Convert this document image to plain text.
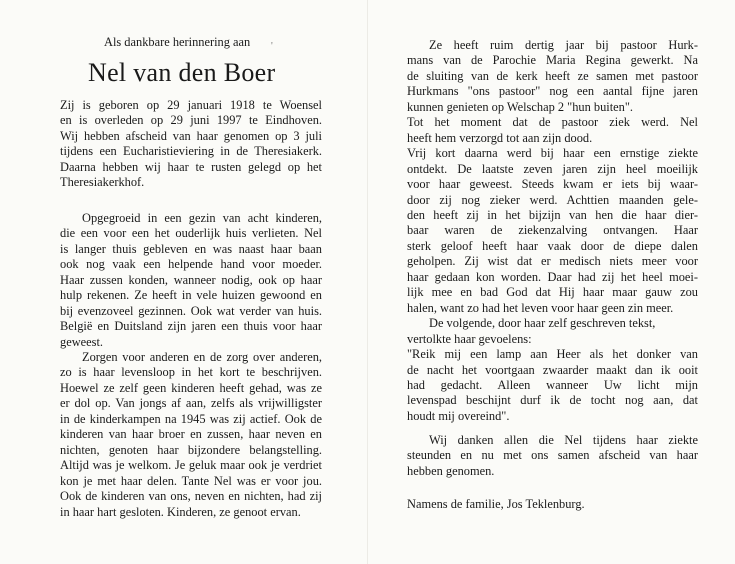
Als dankbare herinnering aan '
Nel van den Boer

Zij is geboren op 29 januari 1918 te Woensel
en is overleden op 29 juni 1997 te Eindhoven.
Wij hebben afscheid van haar genomen op 3 juli
tijdens een Eucharistieviering in de Theresiakerk.
Daarna hebben wij haar te rusten gelegd op het
Theresiakerkhof.

Opgegroeid in een gezin van acht kinderen,
die een voor een het ouderlijk huis verlieten. Nel
is langer thuis gebleven en was naast haar baan
ook nog vaak een helpende hand voor moeder.
Haar zussen konden, wanneer nodig, ook op haar
hulp rekenen. Ze heeft in vele huizen gewoond en
bij evenzoveel gezinnen. Ook wat verder van huis.
België en Duitsland zijn jaren een thuis voor haar
geweest.

Zorgen voor anderen en de zorg over anderen,
zo is haar levensloop in het kort te beschrijven.
Hoewel ze zelf geen kinderen heeft gehad, was ze
er dol op. Van jongs af aan, zelfs als vrijwilligster
in de kinderkampen na 1945 was zij actief. Ook de
kinderen van haar broer en zussen, haar neven en
nichten, genoten haar bijzondere belangstelling.
Altijd was je welkom. Je geluk maar ook je verdriet
kon je met haar delen. Tante Nel was er voor jou.
Ook de kinderen van ons, neven en nichten, had zij
in haar hart gesloten. Kinderen, ze genoot ervan.

Ze heeft ruim dertig jaar bij pastoor Hurk-
mans van de Parochie Maria Regina gewerkt. Na
de sluiting van de kerk heeft ze samen met pastoor
Hurkmans "ons pastoor" nog een aantal fijne jaren
kunnen genieten op Welschap 2 "hun buiten".
Tot het moment dat de pastoor ziek werd. Nel
heeft hem verzorgd tot aan zijn dood.
Vrij kort daarna werd bij haar een ernstige ziekte
ontdekt. De laatste zeven jaren zijn heel moeilijk
voor haar geweest. Steeds kwam er iets bij waar-
door zij nog zieker werd. Achttien maanden gele-
den heeft zij in het bijzijn van hen die haar dier-
baar waren de ziekenzalving ontvangen. Haar
sterk geloof heeft haar vaak door de diepe dalen
geholpen. Zij wist dat er medisch niets meer voor
haar gedaan kon worden. Daar had zij het heel moei-
lijk mee en bad God dat Hij haar maar gauw zou
halen, want zo had het leven voor haar geen zin meer.
De volgende, door haar zelf geschreven tekst,
vertolkte haar gevoelens:
"Reik mij een lamp aan Heer als het donker van
de nacht het voortgaan zwaarder maakt dan ik ooit
had gedacht. Alleen wanneer Uw licht mijn
levenspad beschijnt durf ik de tocht nog aan, dat
houdt mij overeind".

Wij danken allen die Nel tijdens haar ziekte
steunden en nu met ons samen afscheid van haar
hebben genomen.

Namens de familie, Jos Teklenburg.
